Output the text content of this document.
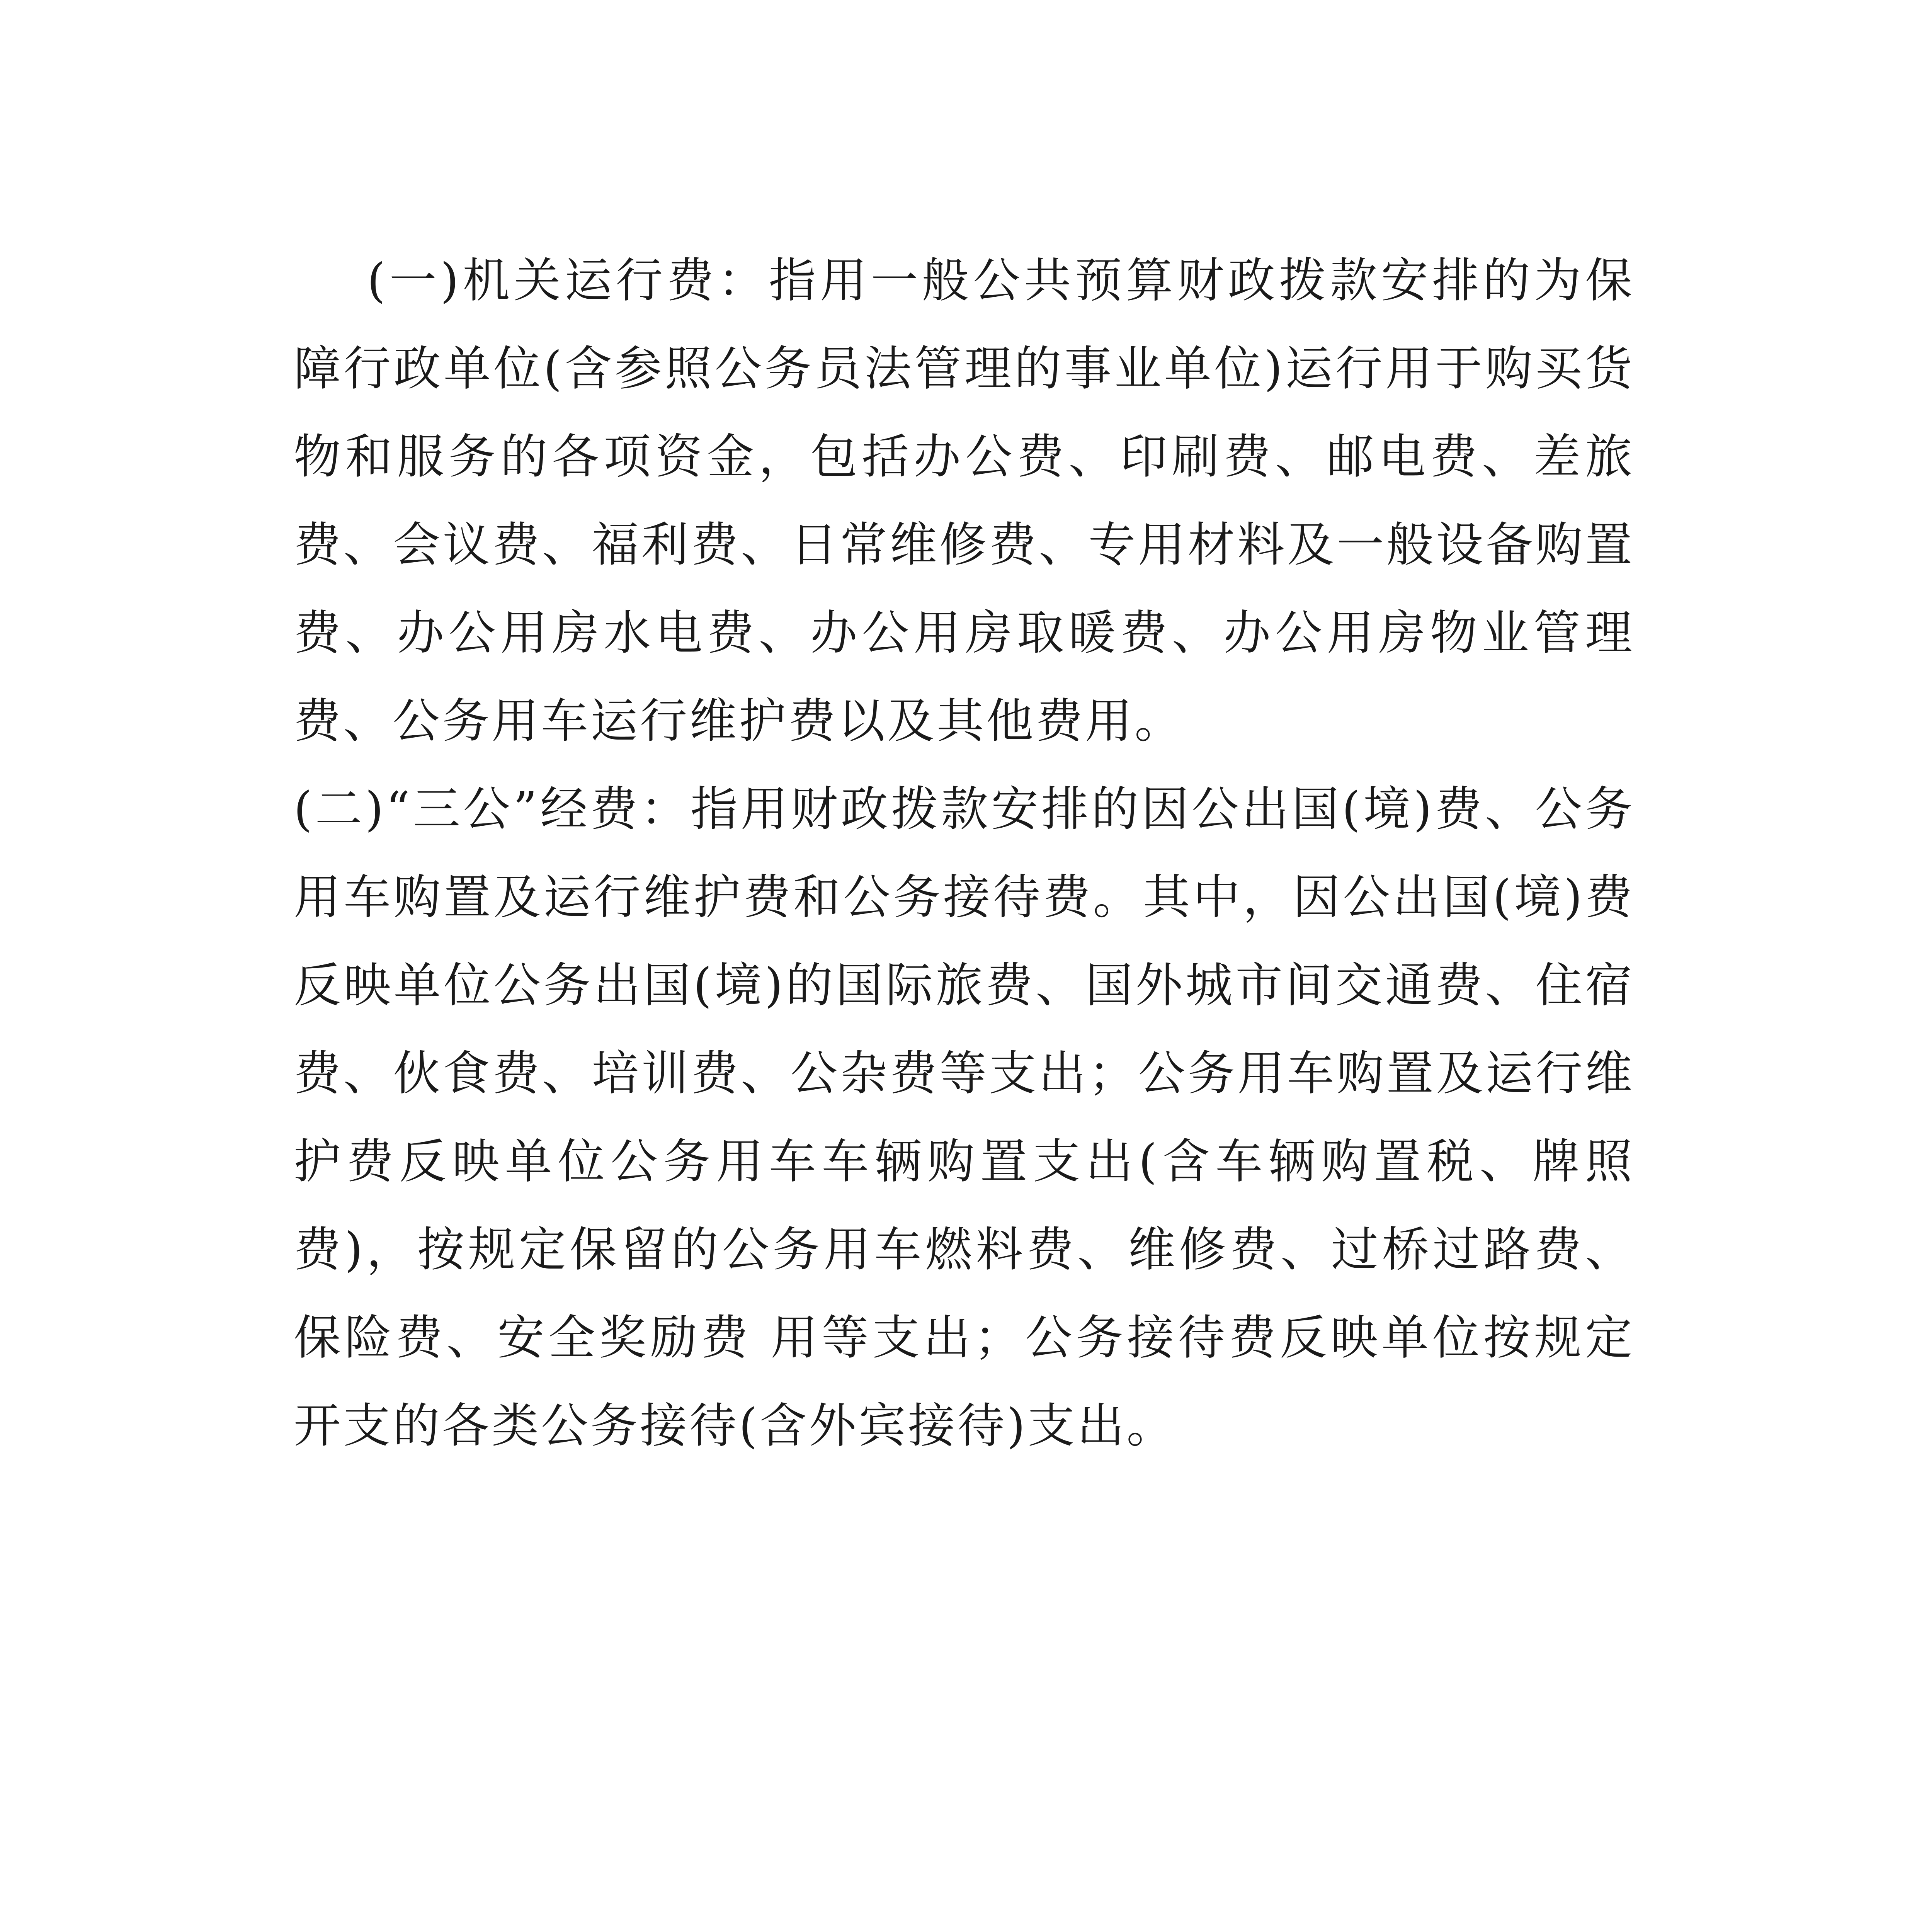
(一)机关运行费：指用一般公共预算财政拨款安排的为保障行政单位(含参照公务员法管理的事业单位)运行用于购买货物和服务的各项资金，包括办公费、印刷费、邮电费、差旅费、会议费、福利费、日常维修费、专用材料及一般设备购置费、办公用房水电费、办公用房取暖费、办公用房物业管理费、公务用车运行维护费以及其他费用。

(二)“三公”经费：指用财政拨款安排的因公出国(境)费、公务用车购置及运行维护费和公务接待费。其中，因公出国(境)费反映单位公务出国(境)的国际旅费、国外城市间交通费、住宿费、伙食费、培训费、公杂费等支出；公务用车购置及运行维护费反映单位公务用车车辆购置支出(含车辆购置税、牌照费)，按规定保留的公务用车燃料费、维修费、过桥过路费、保险费、安全奖励费 用等支出；公务接待费反映单位按规定开支的各类公务接待(含外宾接待)支出。
